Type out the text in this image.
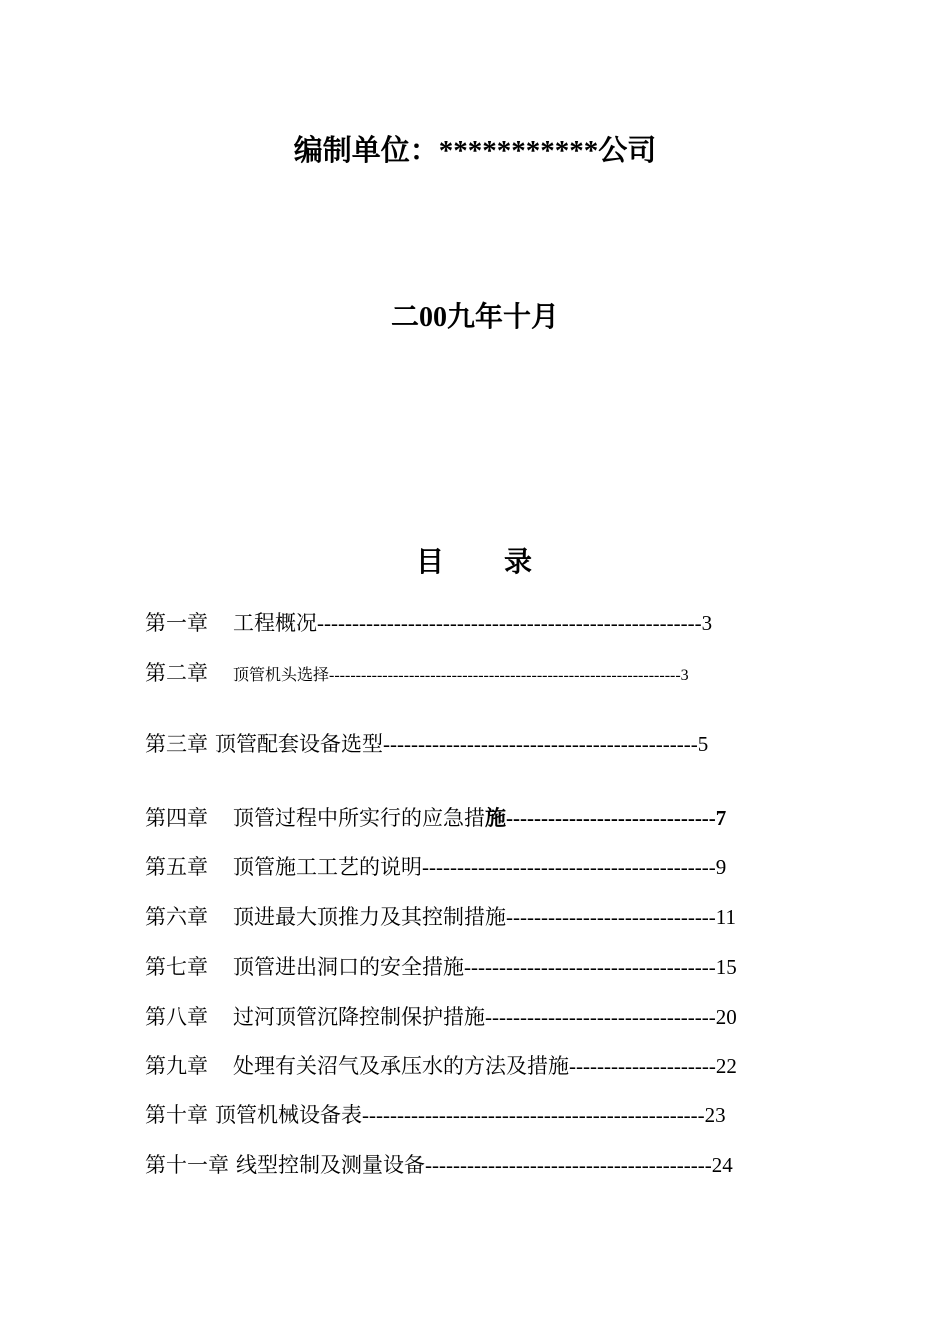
编制单位：***********公司
二00九年十月
目 录
第一章 工程概况-------------------------------------------------------3
第二章 顶管机头选择------------------------------------------------------------------3
第三章 顶管配套设备选型---------------------------------------------5
第四章 顶管过程中所实行的应急措施------------------------------7
第五章 顶管施工工艺的说明------------------------------------------9
第六章 顶进最大顶推力及其控制措施------------------------------11
第七章 顶管进出洞口的安全措施------------------------------------15
第八章 过河顶管沉降控制保护措施---------------------------------20
第九章 处理有关沼气及承压水的方法及措施---------------------22
第十章 顶管机械设备表-------------------------------------------------23
第十一章 线型控制及测量设备-----------------------------------------24
